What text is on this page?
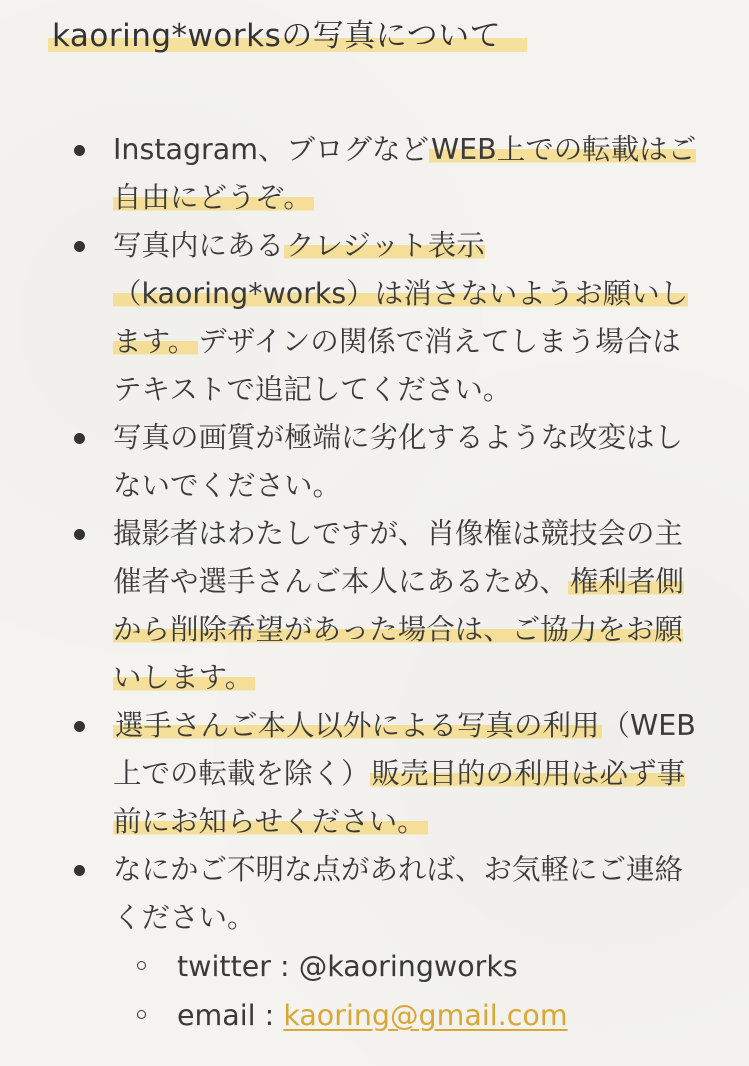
kaoring*worksの写真について
Instagram、ブログなどWEB上での転載はご自由にどうぞ。
写真内にあるクレジット表示（kaoring*works）は消さないようお願いします。デザインの関係で消えてしまう場合はテキストで追記してください。
写真の画質が極端に劣化するような改変はしないでください。
撮影者はわたしですが、肖像権は競技会の主催者や選手さんご本人にあるため、権利者側から削除希望があった場合は、ご協力をお願いします。
選手さんご本人以外による写真の利用（WEB上での転載を除く）販売目的の利用は必ず事前にお知らせください。
なにかご不明な点があれば、お気軽にご連絡ください。
twitter : @kaoringworks
email : kaoring@gmail.com
